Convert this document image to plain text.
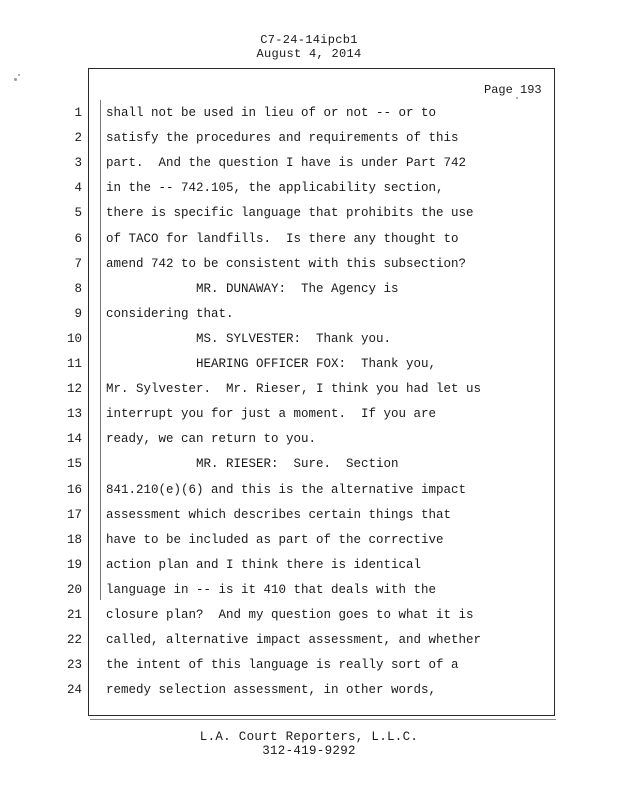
C7-24-14ipcb1
August 4, 2014
Page 193
1 shall not be used in lieu of or not -- or to
2 satisfy the procedures and requirements of this
3 part.  And the question I have is under Part 742
4 in the -- 742.105, the applicability section,
5 there is specific language that prohibits the use
6 of TACO for landfills.  Is there any thought to
7 amend 742 to be consistent with this subsection?
8 MR. DUNAWAY:  The Agency is
9 considering that.
10 MS. SYLVESTER:  Thank you.
11 HEARING OFFICER FOX:  Thank you,
12 Mr. Sylvester.  Mr. Rieser, I think you had let us
13 interrupt you for just a moment.  If you are
14 ready, we can return to you.
15 MR. RIESER:  Sure.  Section
16 841.210(e)(6) and this is the alternative impact
17 assessment which describes certain things that
18 have to be included as part of the corrective
19 action plan and I think there is identical
20 language in -- is it 410 that deals with the
21 closure plan?  And my question goes to what it is
22 called, alternative impact assessment, and whether
23 the intent of this language is really sort of a
24 remedy selection assessment, in other words,
L.A. Court Reporters, L.L.C.
312-419-9292
